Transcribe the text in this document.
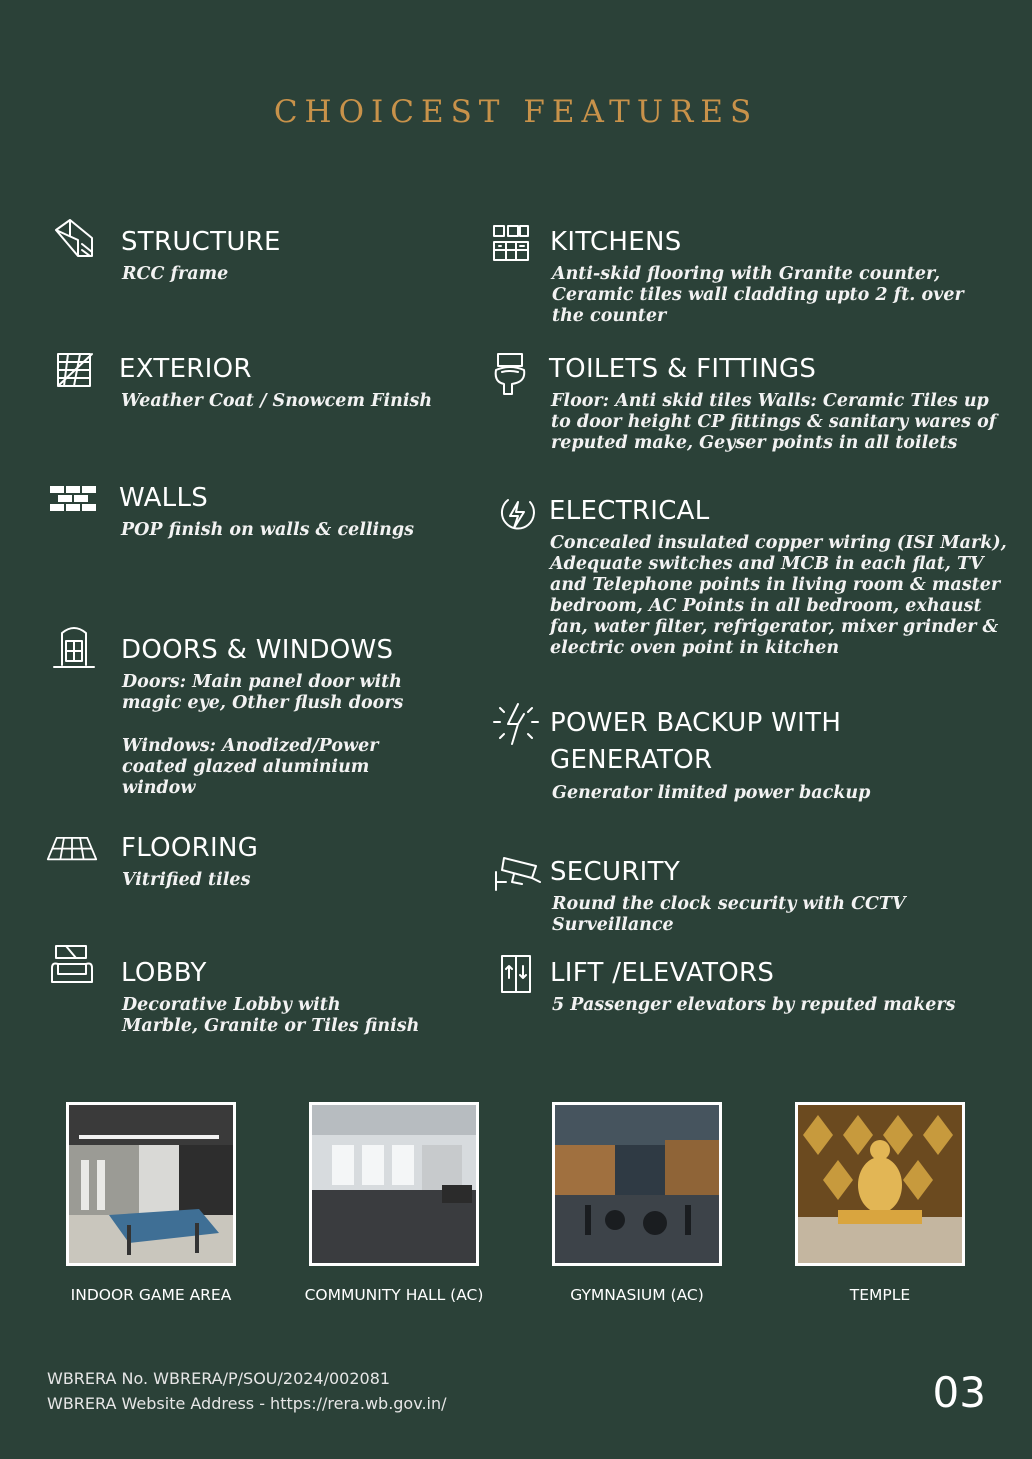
CHOICEST FEATURES
STRUCTURE
RCC frame
EXTERIOR
Weather Coat / Snowcem Finish
WALLS
POP finish on walls & cellings
DOORS & WINDOWS
Doors: Main panel door with magic eye, Other flush doors
Windows: Anodized/Power coated glazed aluminium window
FLOORING
Vitrified tiles
LOBBY
Decorative Lobby with Marble, Granite or Tiles finish
KITCHENS
Anti-skid flooring with Granite counter, Ceramic tiles wall cladding upto 2 ft. over the counter
TOILETS & FITTINGS
Floor: Anti skid tiles Walls: Ceramic Tiles up to door height CP fittings & sanitary wares of reputed make, Geyser points in all toilets
ELECTRICAL
Concealed insulated copper wiring (ISI Mark), Adequate switches and MCB in each flat, TV and Telephone points in living room & master bedroom, AC Points in all bedroom, exhaust fan, water filter, refrigerator, mixer grinder & electric oven point in kitchen
POWER BACKUP WITH
GENERATOR
Generator limited power backup
SECURITY
Round the clock security with CCTV Surveillance
LIFT /ELEVATORS
5 Passenger elevators by reputed makers
INDOOR GAME AREA	COMMUNITY HALL (AC)	GYMNASIUM (AC)	TEMPLE
WBRERA No. WBRERA/P/SOU/2024/002081
WBRERA Website Address - https://rera.wb.gov.in/	03
